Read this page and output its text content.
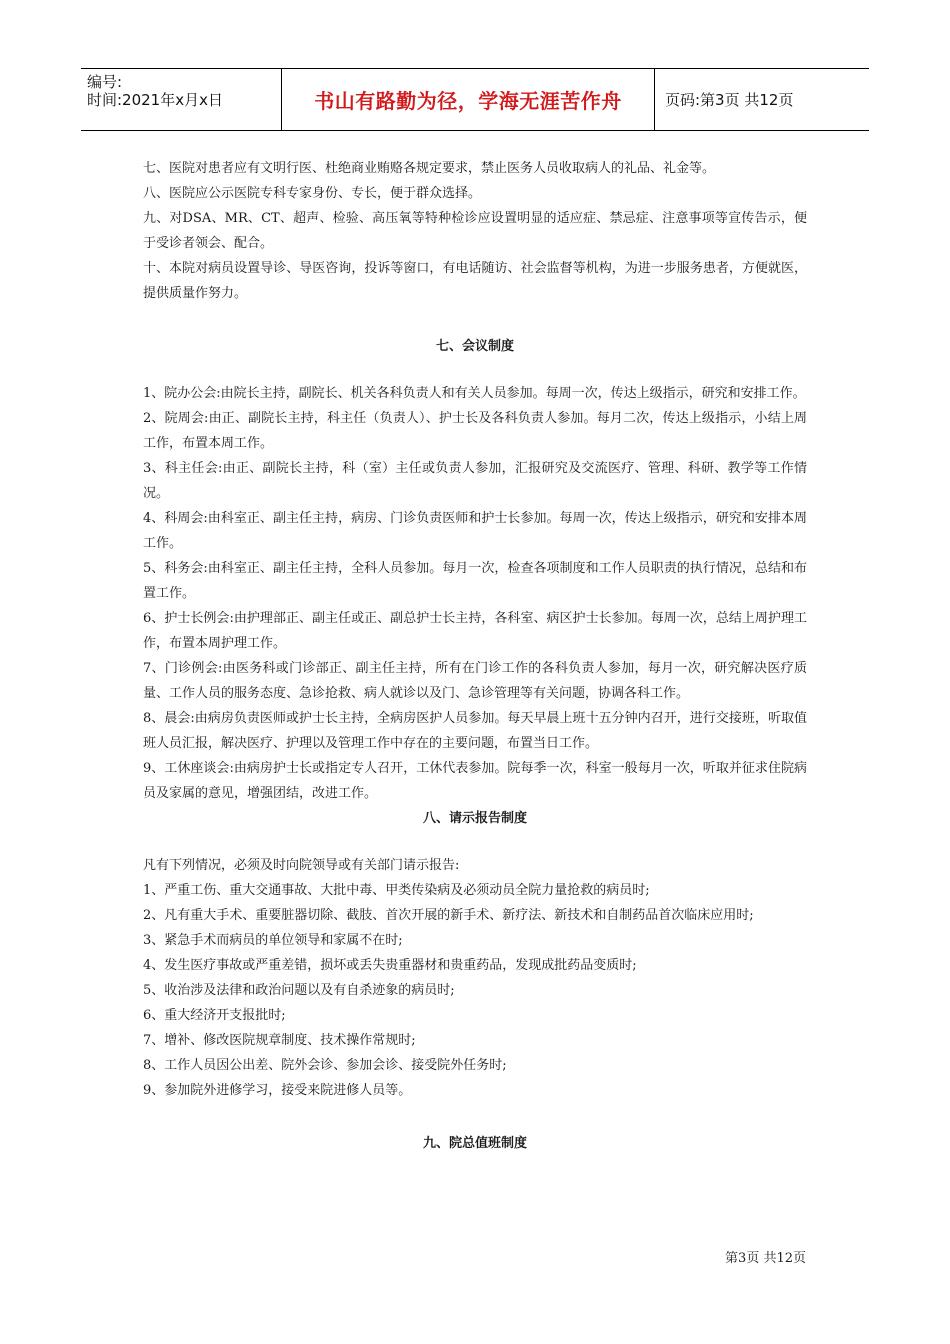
编号:
时间:2021年x月x日	书山有路勤为径，学海无涯苦作舟	页码:第3页 共12页

七、医院对患者应有文明行医、杜绝商业贿赂各规定要求，禁止医务人员收取病人的礼品、礼金等。

八、医院应公示医院专科专家身份、专长，便于群众选择。

九、对DSA、MR、CT、超声、检验、高压氧等特种检诊应设置明显的适应症、禁忌症、注意事项等宣传告示，便于受诊者领会、配合。

十、本院对病员设置导诊、导医咨询，投诉等窗口，有电话随访、社会监督等机构，为进一步服务患者，方便就医，提供质量作努力。

七、会议制度

1、院办公会:由院长主持，副院长、机关各科负责人和有关人员参加。每周一次，传达上级指示，研究和安排工作。

2、院周会:由正、副院长主持，科主任（负责人）、护士长及各科负责人参加。每月二次，传达上级指示，小结上周工作，布置本周工作。

3、科主任会:由正、副院长主持，科（室）主任或负责人参加，汇报研究及交流医疗、管理、科研、教学等工作情况。

4、科周会:由科室正、副主任主持，病房、门诊负责医师和护士长参加。每周一次，传达上级指示，研究和安排本周工作。

5、科务会:由科室正、副主任主持，全科人员参加。每月一次，检查各项制度和工作人员职责的执行情况，总结和布置工作。

6、护士长例会:由护理部正、副主任或正、副总护士长主持，各科室、病区护士长参加。每周一次，总结上周护理工作，布置本周护理工作。

7、门诊例会:由医务科或门诊部正、副主任主持，所有在门诊工作的各科负责人参加，每月一次，研究解决医疗质量、工作人员的服务态度、急诊抢救、病人就诊以及门、急诊管理等有关问题，协调各科工作。

8、晨会:由病房负责医师或护士长主持，全病房医护人员参加。每天早晨上班十五分钟内召开，进行交接班，听取值班人员汇报，解决医疗、护理以及管理工作中存在的主要问题，布置当日工作。

9、工休座谈会:由病房护士长或指定专人召开，工休代表参加。院每季一次，科室一般每月一次，听取并征求住院病员及家属的意见，增强团结，改进工作。

八、请示报告制度

凡有下列情况，必须及时向院领导或有关部门请示报告:

1、严重工伤、重大交通事故、大批中毒、甲类传染病及必须动员全院力量抢救的病员时;

2、凡有重大手术、重要脏器切除、截肢、首次开展的新手术、新疗法、新技术和自制药品首次临床应用时;

3、紧急手术而病员的单位领导和家属不在时;

4、发生医疗事故或严重差错，损坏或丢失贵重器材和贵重药品，发现成批药品变质时;

5、收治涉及法律和政治问题以及有自杀迹象的病员时;

6、重大经济开支报批时;

7、增补、修改医院规章制度、技术操作常规时;

8、工作人员因公出差、院外会诊、参加会诊、接受院外任务时;

9、参加院外进修学习，接受来院进修人员等。

九、院总值班制度

第3页 共12页
